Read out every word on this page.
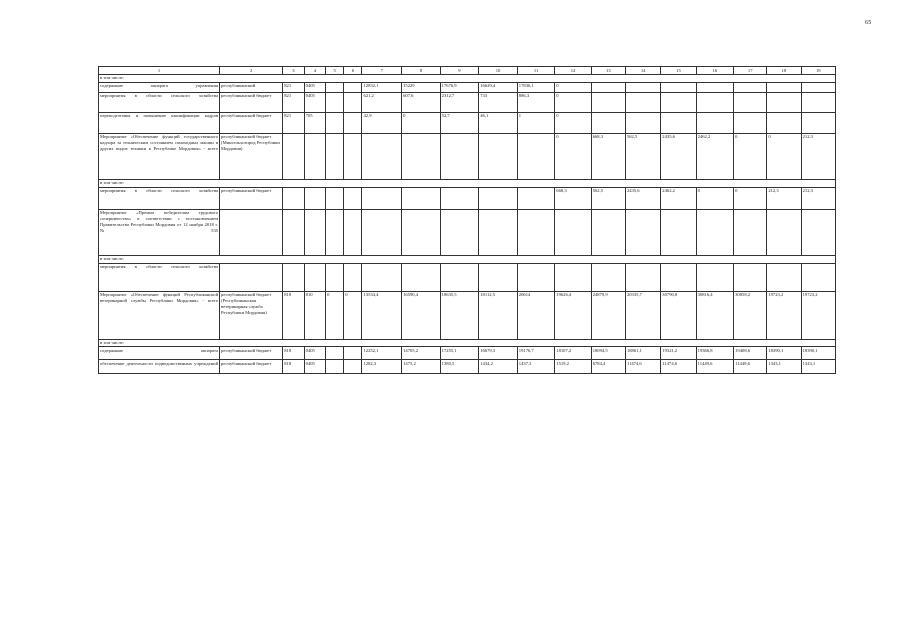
65
1	2	3	4	5	6	7	8	9	10	11	12	13	14	15	16	17	18	19
в том числе:																		
содержание аппарата управления	республиканский	821	0405			12832,1	15229	17676,9	16629,4	17836,1	0							
мероприятия в области сельского хозяйства	республиканский бюджет	821	0405			621,2	607,6	2312,7	733	886,3	0							
переподготовка и повышение квалификации кадров	республиканский бюджет	821	705			42,9	0	52,7	46,1	1	0							
Мероприятие «Обеспечение функций государственного надзора за техническим состоянием самоходных машин и других видов техники в Республике Мордовия» - всего	республиканский бюджет (Минсельхозпрод Республики Мордовия)										0	668,3	562,5	2435,6	2462,2	0	0	212,3
в том числе:																		
мероприятия в области сельского хозяйства	республиканский бюджет										668,3	562,5	2435,6	2462,2	0	0	212,3	212,3
Мероприятие «Премии победителям трудового соперничества» в соответствии с постановлением Правительства Республики Мордовия от 12 ноября 2018 г. № 535																		
в том числе:																		
мероприятия в области сельского хозяйства																		
Мероприятие «Обеспечение функций Республиканской ветеринарной службы Республики Мордовия» - всего	республиканский бюджет (Республиканская ветеринарная служба Республики Мордовия)	818	810	0	0	13534,4	16590,4	18635,5	18112,5	20614	19626,4	24879,9	20335,7	30790,8	30816,4	30858,2	19723,2	19723,2
в том числе:																		
содержание аппарата	республиканский бюджет	818	0405			12252,1	14705,2	17255,1	16679,3	19176,7	18107,2	18094,5	18861,1	19321,2	19366,8	19408,6	18390,1	18390,1
обеспечение деятельности подведомственных учреждений	республиканский бюджет	818	0405			1282,3	1475,2	1380,5	1434,2	1437,3	1519,2	6784,4	11474,6	11474,6	11449,6	11449,6	1343,1	1343,1
